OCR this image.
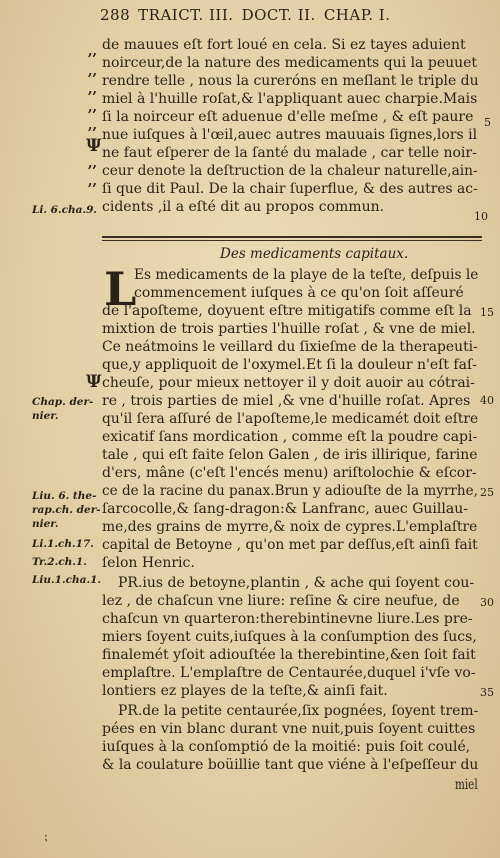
288 TRAICT. III. DOCT. II. CHAP. I.
,,
,,
,,
,,
,,
Ψ
,,
,,
de mauues eſt fort loué en cela. Si ez tayes aduient
noirceur,de la nature des medicaments qui la peuuet
rendre telle , nous la cureróns en meſlant le triple du
miel à l'huille roſat,& l'appliquant auec charpie.Mais
ſi la noirceur eſt aduenue d'elle meſme , & eſt paure
nue iuſques à l'œil,auec autres mauuais ſignes,lors il
ne faut eſperer de la ſanté du malade , car telle noir-
ceur denote la deſtruction de la chaleur naturelle,ain-
ſi que dit Paul. De la chair ſuperflue, & des autres ac-
cidents ,il a eſté dit au propos commun.
Li. 6.cha.9.	10
5
Des medicaments capitaux.
L
Es medicaments de la playe de la teſte, deſpuis le
commencement iuſques à ce qu'on ſoit aſſeuré
de l'apoſteme, doyuent eſtre mitigatifs comme eſt la
mixtion de trois parties l'huille roſat , & vne de miel.
Ce neátmoins le veillard du ſixieſme de la therapeuti-
que,y appliquoit de l'oxymel.Et ſi la douleur n'eſt faſ-
cheuſe, pour mieux nettoyer il y doit auoir au cótrai-
re , trois parties de miel ,& vne d'huille roſat. Apres
qu'il ſera aſſuré de l'apoſteme,le medicamét doit eſtre
exicatif ſans mordication , comme eſt la poudre capi-
tale , qui eſt faite ſelon Galen , de iris illirique, farine
d'ers, mâne (c'eſt l'encés menu) ariſtolochie & eſcor-
ce de la racine du panax.Brun y adiouſte de la myrrhe,
ſarcocolle,& ſang-dragon:& Lanfranc, auec Guillau-
me,des grains de myrre,& noix de cypres.L'emplaſtre
capital de Betoyne , qu'on met par deſſus,eſt ainſi fait
ſelon Henric.
PR.ius de betoyne,plantin , & ache qui ſoyent cou-
lez , de chaſcun vne liure: reſine & cire neufue, de
chaſcun vn quarteron:therebintinevne liure.Les pre-
miers ſoyent cuits,iuſques à la conſumption des ſucs,
finalemét yſoit adiouſtée la therebintine,&en ſoit fait
emplaſtre. L'emplaſtre de Centaurée,duquel i'vſe vo-
lontiers ez playes de la teſte,& ainſi fait.
PR.de la petite centaurée,ſix pognées, ſoyent trem-
pées en vin blanc durant vne nuit,puis ſoyent cuittes
iuſques à la conſomptió de la moitié: puis ſoit coulé,
& la coulature boüillie tant que viéne à l'eſpeſſeur du
miel
Ψ
Chap. der-
nier.
Liu. 6. the-
rap.ch. der-
nier.
Li.1.ch.17.
Tr.2.ch.1.
Liu.1.cha.1.
15
40
25
30
35
⁏
